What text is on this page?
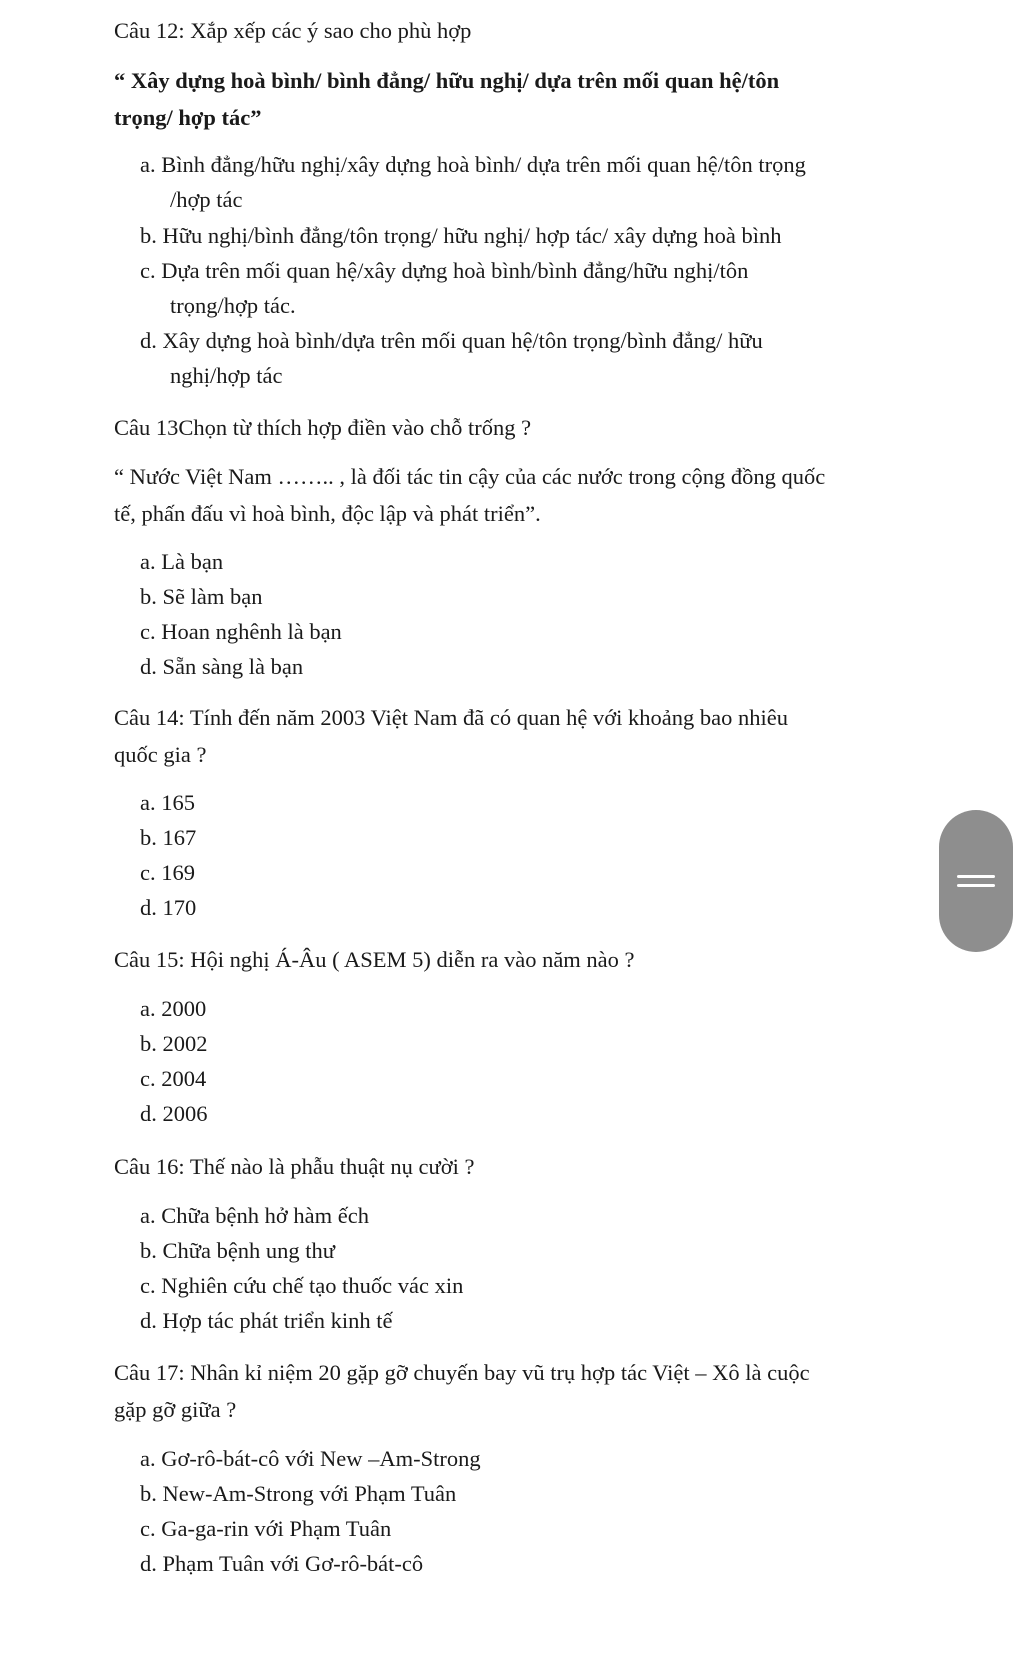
Câu 12: Xắp xếp các ý sao cho phù hợp
“ Xây dựng hoà bình/ bình đẳng/ hữu nghị/ dựa trên mối quan hệ/tôn
trọng/ hợp tác”
a. Bình đẳng/hữu nghị/xây dựng hoà bình/ dựa trên mối quan hệ/tôn trọng
/hợp tác
b. Hữu nghị/bình đẳng/tôn trọng/ hữu nghị/ hợp tác/ xây dựng hoà bình
c. Dựa trên mối quan hệ/xây dựng hoà bình/bình đẳng/hữu nghị/tôn
trọng/hợp tác.
d. Xây dựng hoà bình/dựa trên mối quan hệ/tôn trọng/bình đẳng/ hữu
nghị/hợp tác
Câu 13Chọn từ thích hợp điền vào chỗ trống ?
“ Nước Việt Nam …….. , là đối tác tin cậy của các nước trong cộng đồng quốc
tế, phấn đấu vì hoà bình, độc lập và phát triển”.
a. Là bạn
b. Sẽ làm bạn
c. Hoan nghênh là bạn
d. Sẵn sàng là bạn
Câu 14: Tính đến năm 2003 Việt Nam đã có quan hệ với khoảng bao nhiêu
quốc gia ?
a. 165
b. 167
c. 169
d. 170
Câu 15: Hội nghị Á-Âu ( ASEM 5) diễn ra vào năm nào ?
a. 2000
b. 2002
c. 2004
d. 2006
Câu 16: Thế nào là phẫu thuật nụ cười ?
a. Chữa bệnh hở hàm ếch
b. Chữa bệnh ung thư
c. Nghiên cứu chế tạo thuốc vác xin
d. Hợp tác phát triển kinh tế
Câu 17: Nhân kỉ niệm 20 gặp gỡ chuyến bay vũ trụ hợp tác Việt – Xô là cuộc
gặp gỡ giữa ?
a. Gơ-rô-bát-cô với New –Am-Strong
b. New-Am-Strong với Phạm Tuân
c. Ga-ga-rin với Phạm Tuân
d. Phạm Tuân với Gơ-rô-bát-cô
